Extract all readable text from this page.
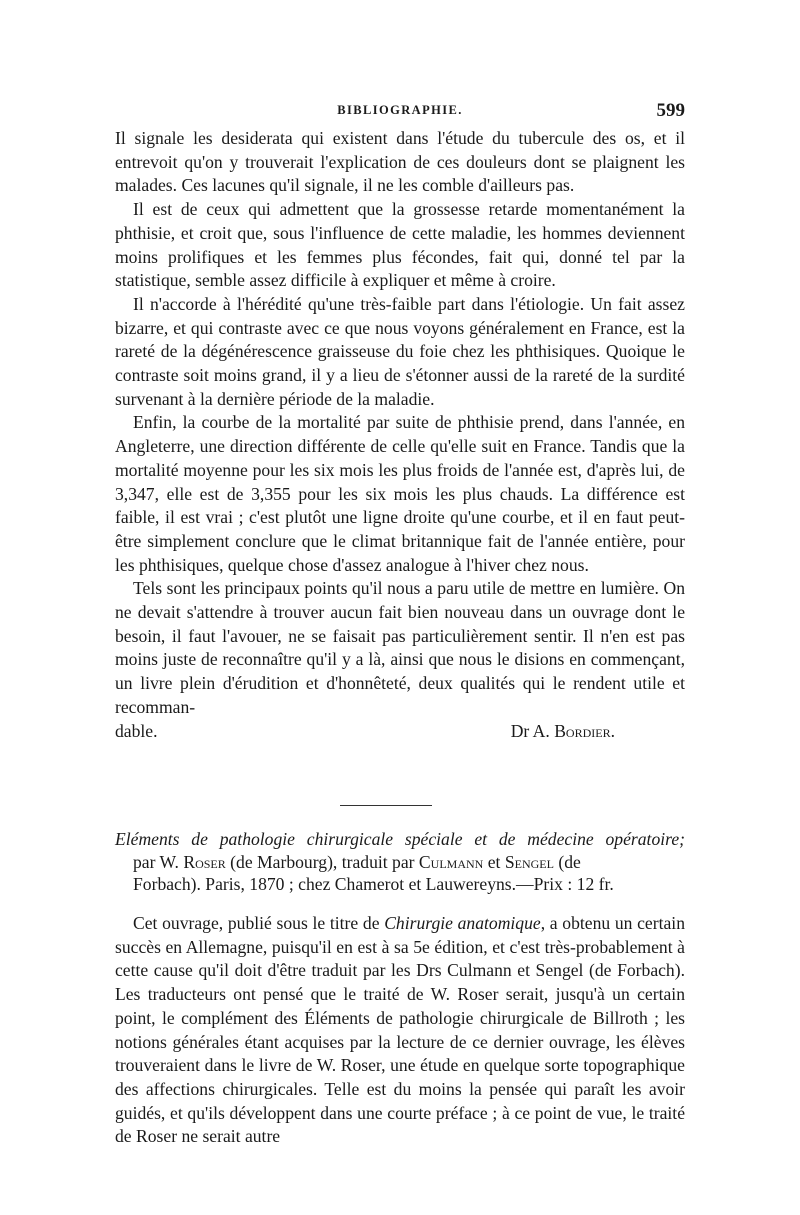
BIBLIOGRAPHIE.	599

Il signale les desiderata qui existent dans l'étude du tubercule des os, et il entrevoit qu'on y trouverait l'explication de ces douleurs dont se plaignent les malades. Ces lacunes qu'il signale, il ne les comble d'ailleurs pas.

Il est de ceux qui admettent que la grossesse retarde momentanément la phthisie, et croit que, sous l'influence de cette maladie, les hommes deviennent moins prolifiques et les femmes plus fécondes, fait qui, donné tel par la statistique, semble assez difficile à expliquer et même à croire.

Il n'accorde à l'hérédité qu'une très-faible part dans l'étiologie. Un fait assez bizarre, et qui contraste avec ce que nous voyons généralement en France, est la rareté de la dégénérescence graisseuse du foie chez les phthisiques. Quoique le contraste soit moins grand, il y a lieu de s'étonner aussi de la rareté de la surdité survenant à la dernière période de la maladie.

Enfin, la courbe de la mortalité par suite de phthisie prend, dans l'année, en Angleterre, une direction différente de celle qu'elle suit en France. Tandis que la mortalité moyenne pour les six mois les plus froids de l'année est, d'après lui, de 3,347, elle est de 3,355 pour les six mois les plus chauds. La différence est faible, il est vrai ; c'est plutôt une ligne droite qu'une courbe, et il en faut peut-être simplement conclure que le climat britannique fait de l'année entière, pour les phthisiques, quelque chose d'assez analogue à l'hiver chez nous.

Tels sont les principaux points qu'il nous a paru utile de mettre en lumière. On ne devait s'attendre à trouver aucun fait bien nouveau dans un ouvrage dont le besoin, il faut l'avouer, ne se faisait pas particulièrement sentir. Il n'en est pas moins juste de reconnaître qu'il y a là, ainsi que nous le disions en commençant, un livre plein d'érudition et d'honnêteté, deux qualités qui le rendent utile et recomman-

dable.	Dr A. Bordier.
Eléments de pathologie chirurgicale spéciale et de médecine opératoire;
par W. Roser (de Marbourg), traduit par Culmann et Sengel (de
Forbach). Paris, 1870 ; chez Chamerot et Lauwereyns.—Prix : 12 fr.

Cet ouvrage, publié sous le titre de Chirurgie anatomique, a obtenu un certain succès en Allemagne, puisqu'il en est à sa 5e édition, et c'est très-probablement à cette cause qu'il doit d'être traduit par les Drs Culmann et Sengel (de Forbach). Les traducteurs ont pensé que le traité de W. Roser serait, jusqu'à un certain point, le complément des Éléments de pathologie chirurgicale de Billroth ; les notions générales étant acquises par la lecture de ce dernier ouvrage, les élèves trouveraient dans le livre de W. Roser, une étude en quelque sorte topographique des affections chirurgicales. Telle est du moins la pensée qui paraît les avoir guidés, et qu'ils développent dans une courte préface ; à ce point de vue, le traité de Roser ne serait autre
